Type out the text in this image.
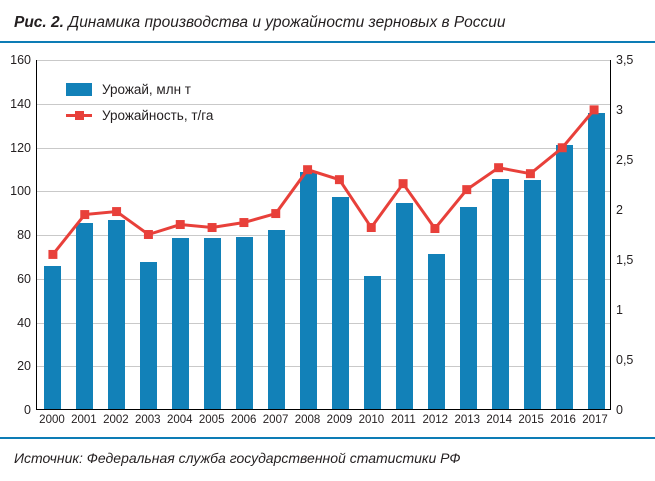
Рис. 2. Динамика производства и урожайности зерновых в России
160
140
120
100
80
60
40
20
0
3,5
3
2,5
2
1,5
1
0,5
0
2000 2001 2002 2003 2004 2005 2006 2007 2008 2009 2010 2011 2012 2013 2014 2015 2016 2017
Урожай, млн т
Урожайность, т/га
Источник: Федеральная служба государственной статистики РФ
